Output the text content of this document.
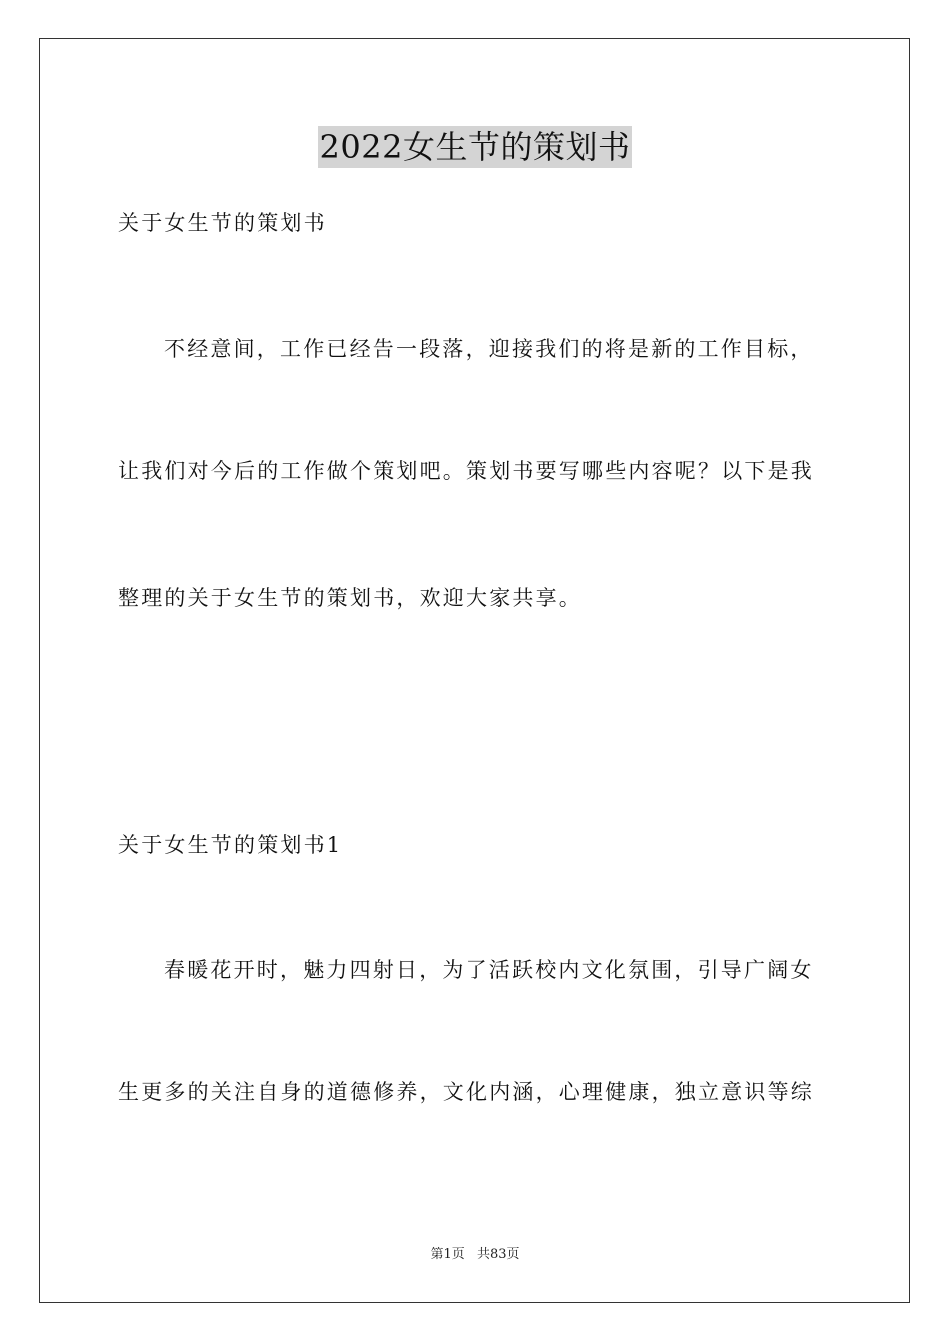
2022女生节的策划书

关于女生节的策划书

不经意间，工作已经告一段落，迎接我们的将是新的工作目标，

让我们对今后的工作做个策划吧。策划书要写哪些内容呢？以下是我

整理的关于女生节的策划书，欢迎大家共享。

关于女生节的策划书1

春暖花开时，魅力四射日，为了活跃校内文化氛围，引导广阔女

生更多的关注自身的道德修养，文化内涵，心理健康，独立意识等综

第1页 共83页
